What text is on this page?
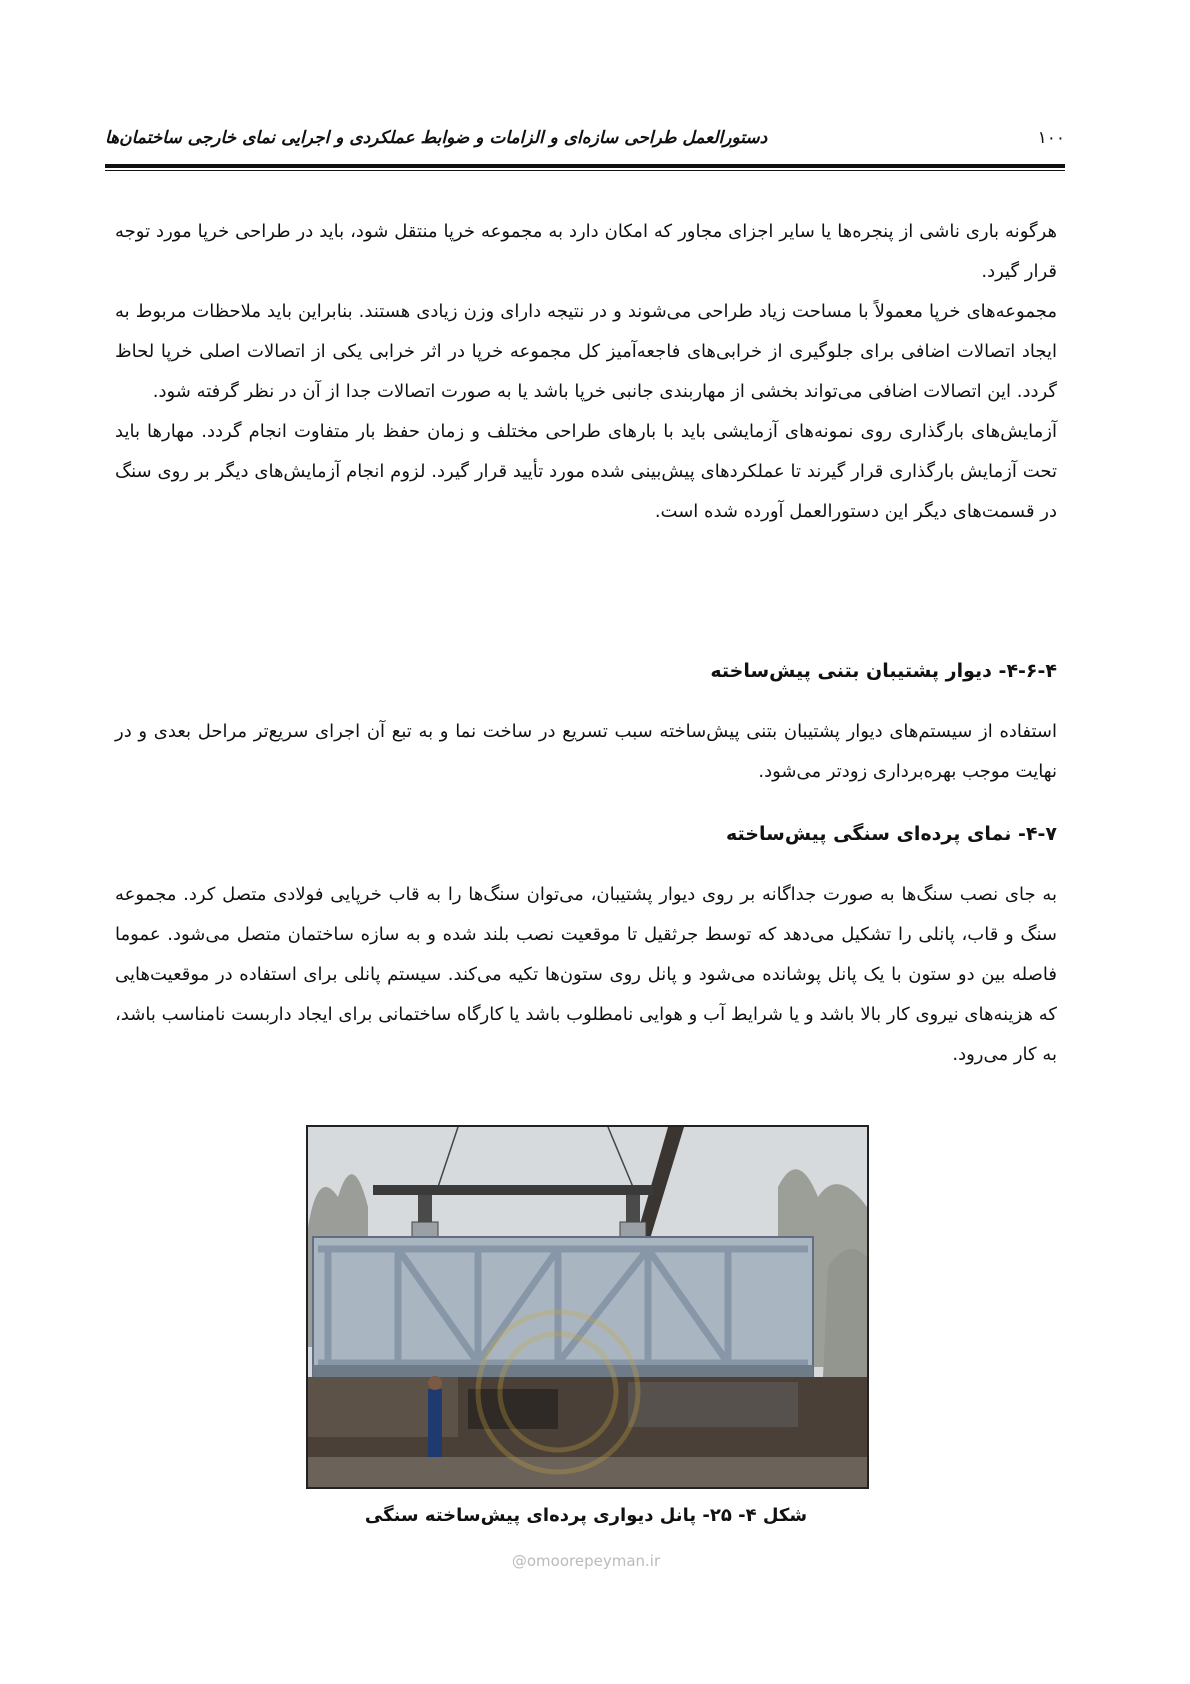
۱۰۰
دستورالعمل طراحی سازه‌ای و الزامات و ضوابط عملکردی و اجرایی نمای خارجی ساختمان‌ها

هرگونه باری ناشی از پنجره‌ها یا سایر اجزای مجاور که امکان دارد به مجموعه خرپا منتقل شود، باید در طراحی خرپا مورد توجه قرار گیرد.

مجموعه‌های خرپا معمولاً با مساحت زیاد طراحی می‌شوند و در نتیجه دارای وزن زیادی هستند. بنابراین باید ملاحظات مربوط به ایجاد اتصالات اضافی برای جلوگیری از خرابی‌های فاجعه‌آمیز کل مجموعه خرپا در اثر خرابی یکی از اتصالات اصلی خرپا لحاظ گردد. این اتصالات اضافی می‌تواند بخشی از مهاربندی جانبی خرپا باشد یا به صورت اتصالات جدا از آن در نظر گرفته شود.

آزمایش‌های بارگذاری روی نمونه‌های آزمایشی باید با بارهای طراحی مختلف و زمان حفظ بار متفاوت انجام گردد. مهارها باید تحت آزمایش بارگذاری قرار گیرند تا عملکردهای پیش‌بینی شده مورد تأیید قرار گیرد. لزوم انجام آزمایش‌های دیگر بر روی سنگ در قسمت‌های دیگر این دستورالعمل آورده شده است.

۴-۶-۴- دیوار پشتیبان بتنی پیش‌ساخته

استفاده از سیستم‌های دیوار پشتیبان بتنی پیش‌ساخته سبب تسریع در ساخت نما و به تبع آن اجرای سریع‌تر مراحل بعدی و در نهایت موجب بهره‌برداری زودتر می‌شود.

۴-۷- نمای پرده‌ای سنگی پیش‌ساخته

به جای نصب سنگ‌ها به صورت جداگانه بر روی دیوار پشتیبان، می‌توان سنگ‌ها را به قاب خرپایی فولادی متصل کرد. مجموعه سنگ و قاب، پانلی را تشکیل می‌دهد که توسط جرثقیل تا موقعیت نصب بلند شده و به سازه ساختمان متصل می‌شود. عموما فاصله بین دو ستون با یک پانل پوشانده می‌شود و پانل روی ستون‌ها تکیه می‌کند. سیستم پانلی برای استفاده در موقعیت‌هایی که هزینه‌های نیروی کار بالا باشد و یا شرایط آب و هوایی نامطلوب باشد یا کارگاه ساختمانی برای ایجاد داربست نامناسب باشد، به کار می‌رود.

شکل ۴- ۲۵- پانل دیواری پرده‌ای پیش‌ساخته سنگی
@omoorepeyman.ir
